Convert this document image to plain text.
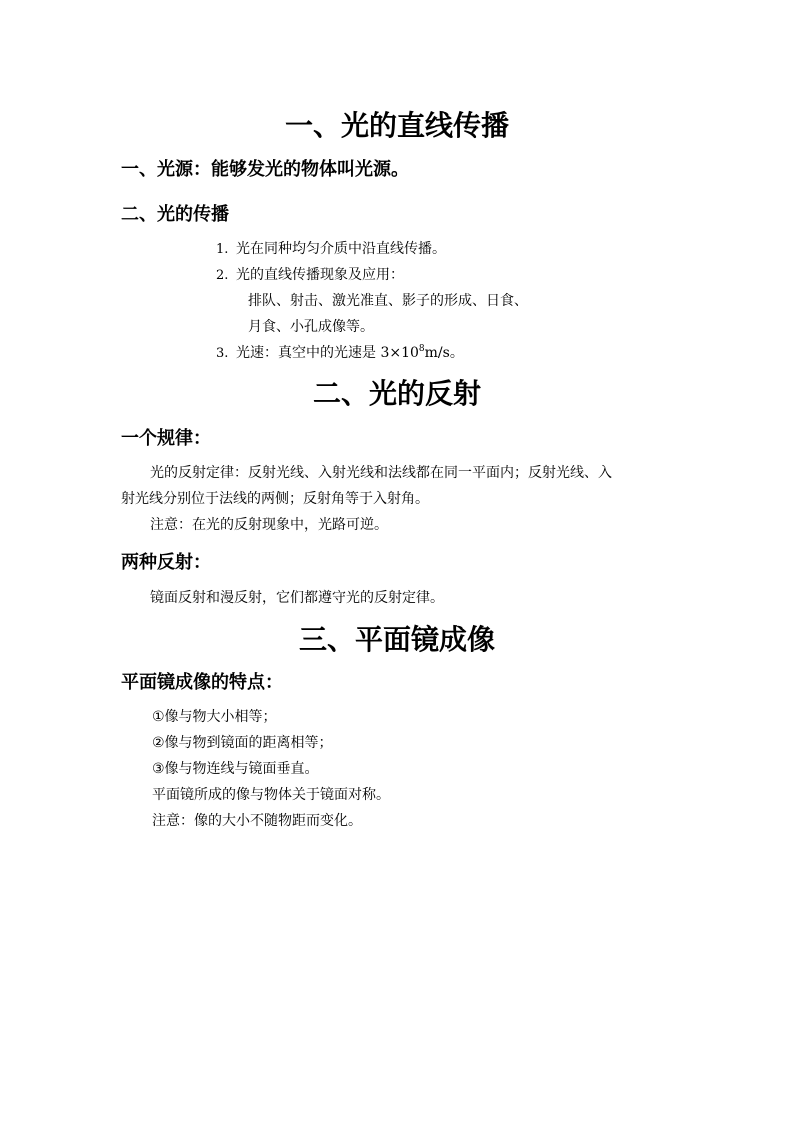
一、光的直线传播
一、光源：能够发光的物体叫光源。
二、光的传播
1. 光在同种均匀介质中沿直线传播。
2. 光的直线传播现象及应用：
排队、射击、激光准直、影子的形成、日食、
月食、小孔成像等。
3. 光速：真空中的光速是 $3\times 10^8m/s$。
二、光的反射
一个规律：
光的反射定律：反射光线、入射光线和法线都在同一平面内；反射光线、入
射光线分别位于法线的两侧；反射角等于入射角。
注意：在光的反射现象中，光路可逆。
两种反射：
镜面反射和漫反射，它们都遵守光的反射定律。
三、平面镜成像
平面镜成像的特点：
①像与物大小相等；
②像与物到镜面的距离相等；
③像与物连线与镜面垂直。
平面镜所成的像与物体关于镜面对称。
注意：像的大小不随物距而变化。
